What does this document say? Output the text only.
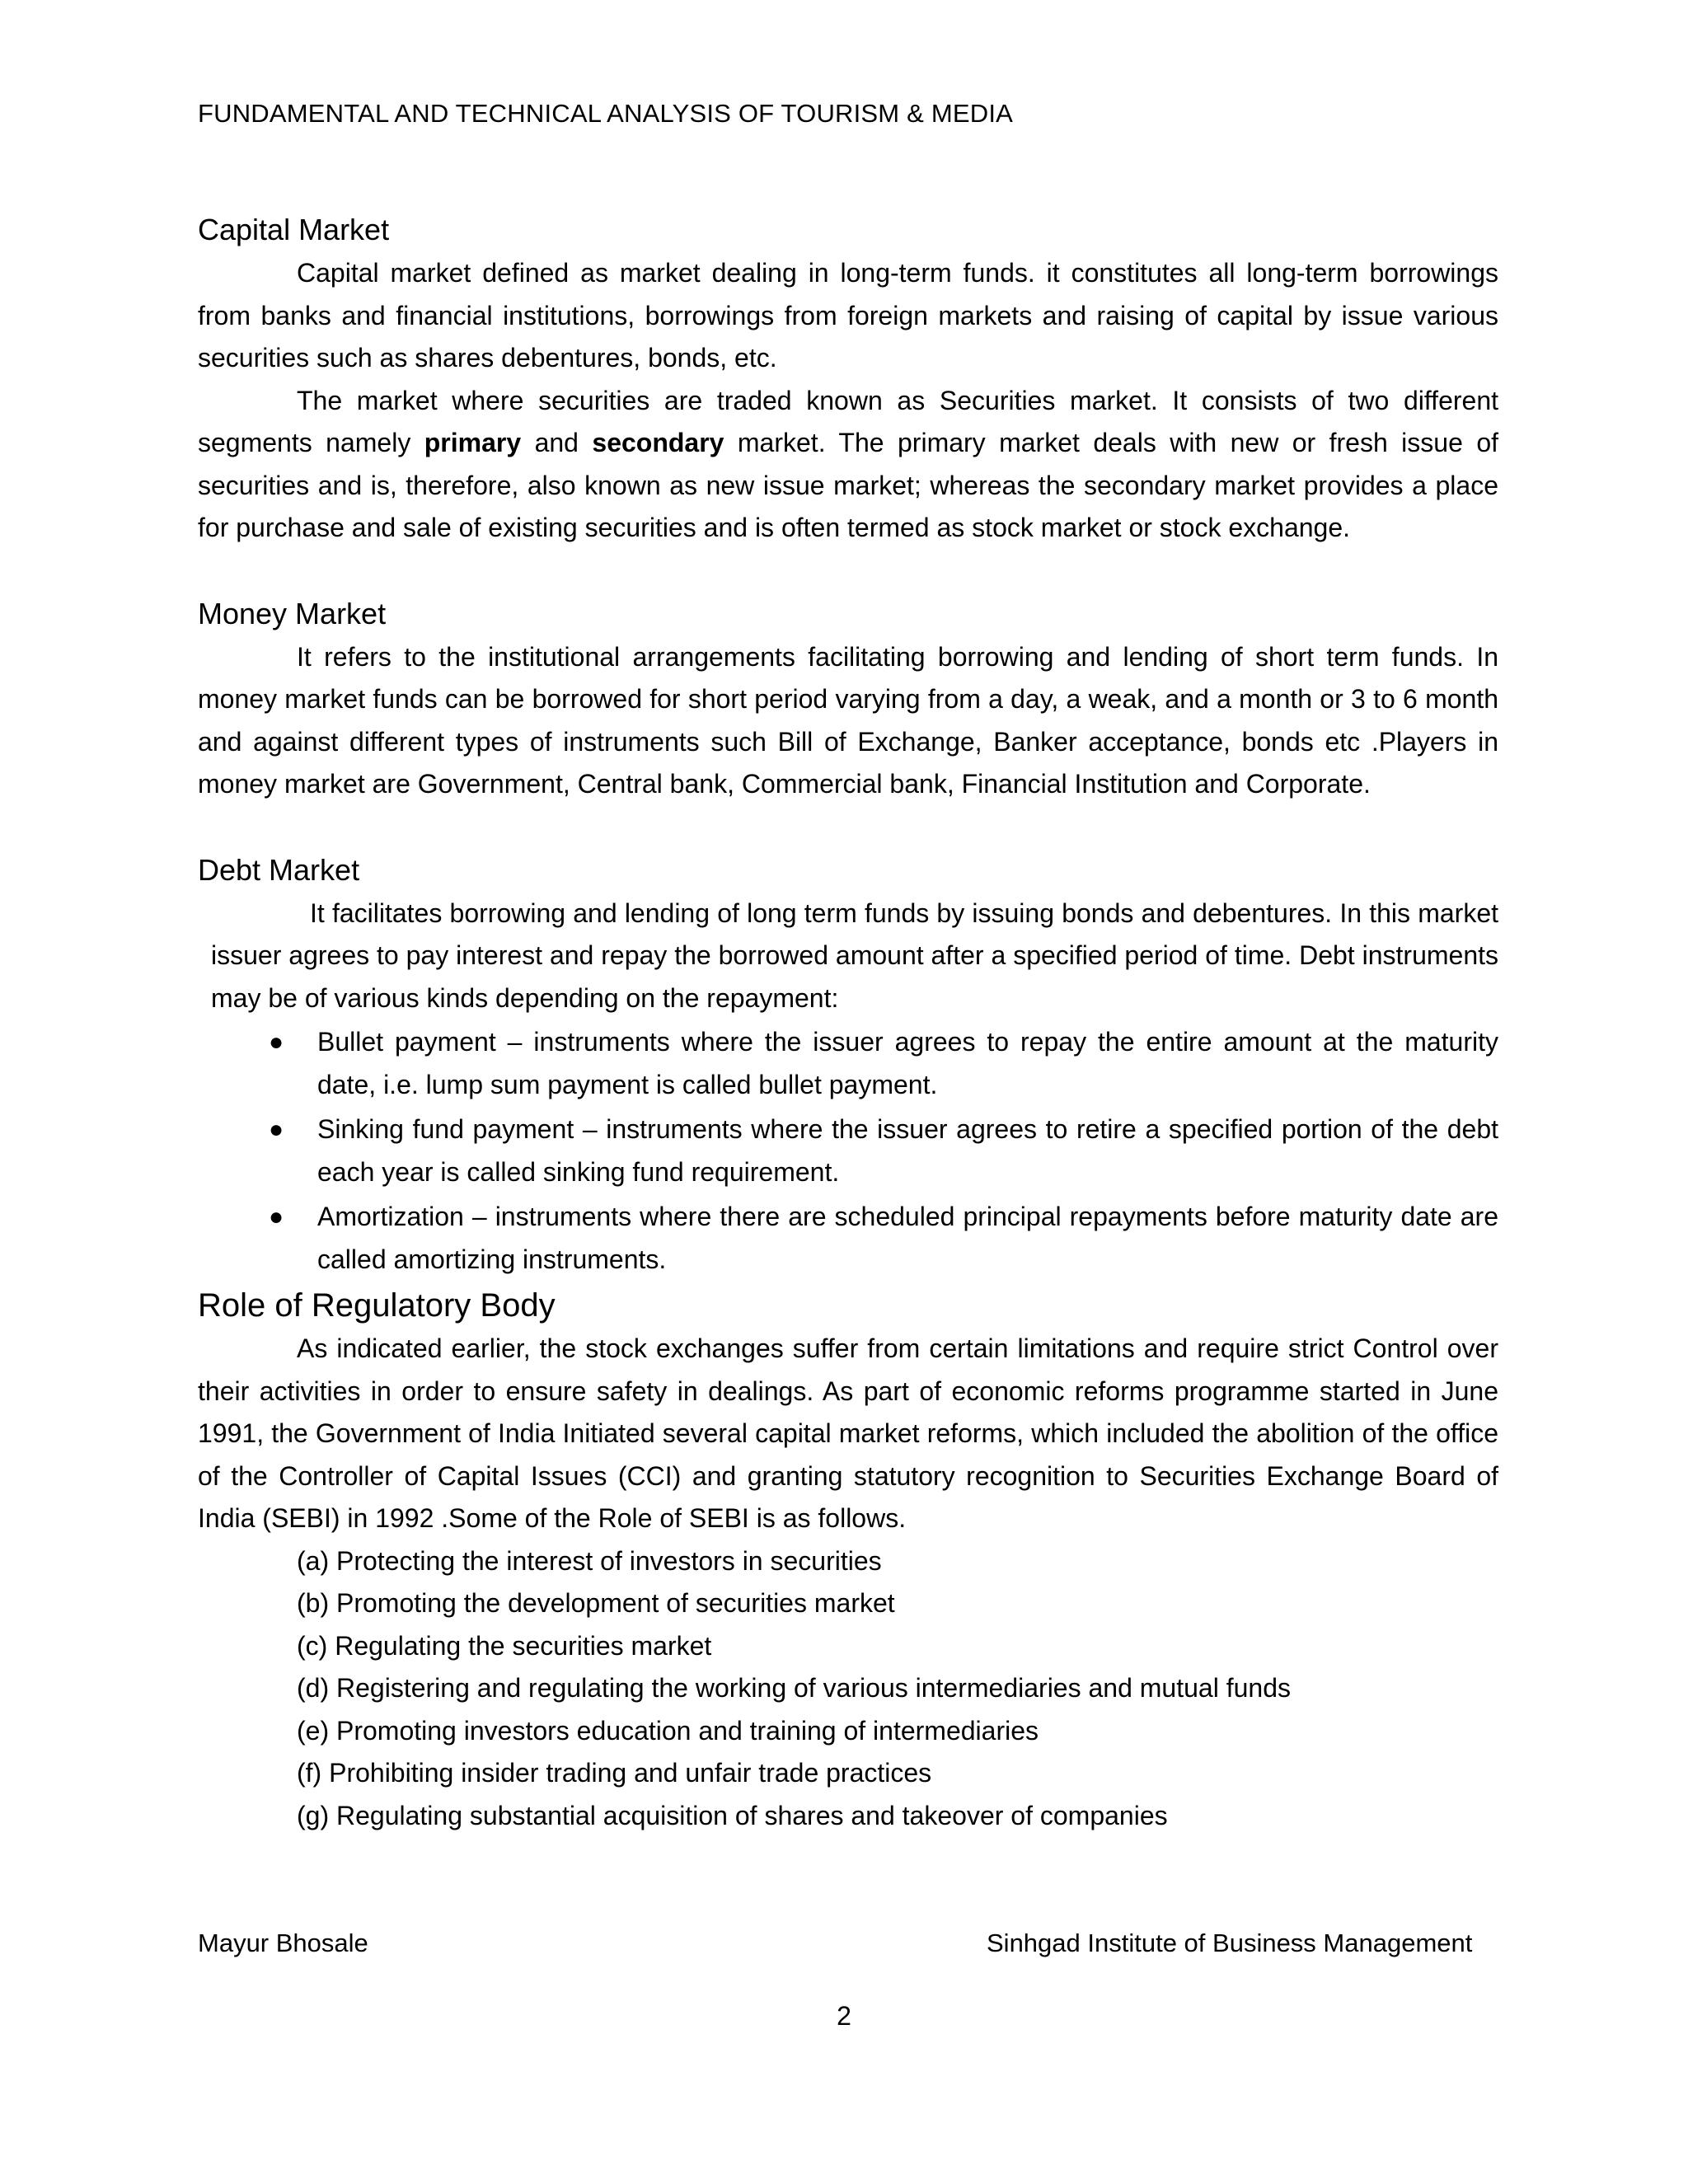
FUNDAMENTAL AND TECHNICAL ANALYSIS OF TOURISM & MEDIA
Capital Market

Capital market defined as market dealing in long-term funds. it constitutes all long-term borrowings from banks and financial institutions, borrowings from foreign markets and raising of capital by issue various securities such as shares debentures, bonds, etc.

The market where securities are traded known as Securities market. It consists of two different segments namely primary and secondary market. The primary market deals with new or fresh issue of securities and is, therefore, also known as new issue market; whereas the secondary market provides a place for purchase and sale of existing securities and is often termed as stock market or stock exchange.

Money Market

It refers to the institutional arrangements facilitating borrowing and lending of short term funds. In money market funds can be borrowed for short period varying from a day, a weak, and a month or 3 to 6 month and against different types of instruments such Bill of Exchange, Banker acceptance, bonds etc .Players in money market are Government, Central bank, Commercial bank, Financial Institution and Corporate.

Debt Market

It facilitates borrowing and lending of long term funds by issuing bonds and debentures. In this market issuer agrees to pay interest and repay the borrowed amount after a specified period of time. Debt instruments may be of various kinds depending on the repayment:

● Bullet payment – instruments where the issuer agrees to repay the entire amount at the maturity date, i.e. lump sum payment is called bullet payment.
● Sinking fund payment – instruments where the issuer agrees to retire a specified portion of the debt each year is called sinking fund requirement.
● Amortization – instruments where there are scheduled principal repayments before maturity date are called amortizing instruments.
Role of Regulatory Body

As indicated earlier, the stock exchanges suffer from certain limitations and require strict Control over their activities in order to ensure safety in dealings. As part of economic reforms programme started in June 1991, the Government of India Initiated several capital market reforms, which included the abolition of the office of the Controller of Capital Issues (CCI) and granting statutory recognition to Securities Exchange Board of India (SEBI) in 1992 .Some of the Role of SEBI is as follows.

(a) Protecting the interest of investors in securities
(b) Promoting the development of securities market
(c) Regulating the securities market
(d) Registering and regulating the working of various intermediaries and mutual funds
(e) Promoting investors education and training of intermediaries
(f) Prohibiting insider trading and unfair trade practices
(g) Regulating substantial acquisition of shares and takeover of companies
Mayur Bhosale	Sinhgad Institute of Business Management
2
